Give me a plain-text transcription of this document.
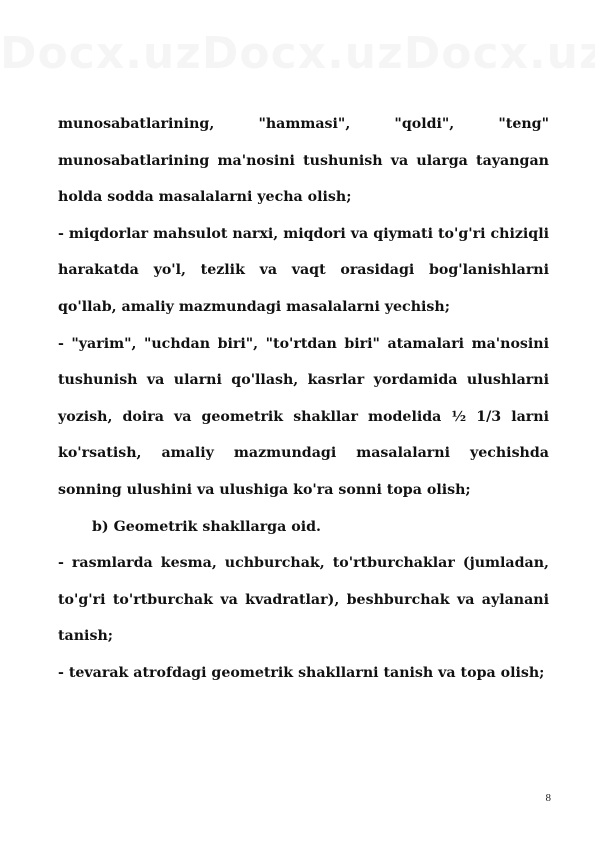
munosabatlarining, "hammasi", "qoldi", "teng" munosabatlarining ma'nosini tushunish va ularga tayangan holda sodda masalalarni yecha olish;

- miqdorlar mahsulot narxi, miqdori va qiymati to'g'ri chiziqli harakatda yo'l, tezlik va vaqt orasidagi bog'lanishlarni qo'llab, amaliy mazmundagi masalalarni yechish;

- "yarim", "uchdan biri", "to'rtdan biri" atamalari ma'nosini tushunish va ularni qo'llash, kasrlar yordamida ulushlarni yozish, doira va geometrik shakllar modelida ½ 1/3 larni ko'rsatish, amaliy mazmundagi masalalarni yechishda sonning ulushini va ulushiga ko'ra sonni topa olish;

b) Geometrik shakllarga oid.

- rasmlarda kesma, uchburchak, to'rtburchaklar (jumladan, to'g'ri to'rtburchak va kvadratlar), beshburchak va aylanani tanish;

- tevarak atrofdagi geometrik shakllarni tanish va topa olish;

8
